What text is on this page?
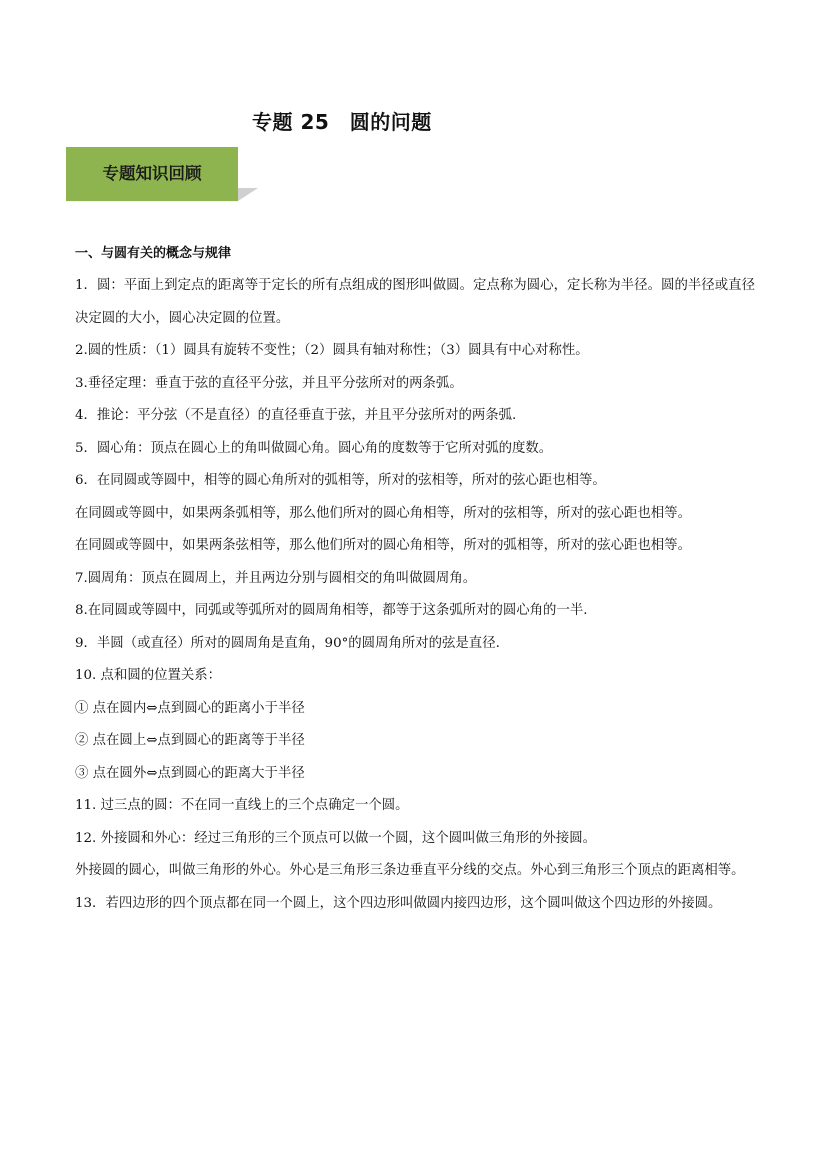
专题 25　圆的问题
专题知识回顾
一、与圆有关的概念与规律

1．圆：平面上到定点的距离等于定长的所有点组成的图形叫做圆。定点称为圆心，定长称为半径。圆的半径或直径决定圆的大小，圆心决定圆的位置。

2.圆的性质：（1）圆具有旋转不变性；（2）圆具有轴对称性；（3）圆具有中心对称性。

3.垂径定理：垂直于弦的直径平分弦，并且平分弦所对的两条弧。

4．推论：平分弦（不是直径）的直径垂直于弦，并且平分弦所对的两条弧.

5．圆心角：顶点在圆心上的角叫做圆心角。圆心角的度数等于它所对弧的度数。

6．在同圆或等圆中，相等的圆心角所对的弧相等，所对的弦相等，所对的弦心距也相等。

在同圆或等圆中，如果两条弧相等，那么他们所对的圆心角相等，所对的弦相等，所对的弦心距也相等。

在同圆或等圆中，如果两条弦相等，那么他们所对的圆心角相等，所对的弧相等，所对的弦心距也相等。

7.圆周角：顶点在圆周上，并且两边分别与圆相交的角叫做圆周角。

8.在同圆或等圆中，同弧或等弧所对的圆周角相等，都等于这条弧所对的圆心角的一半.

9．半圆（或直径）所对的圆周角是直角，90°的圆周角所对的弦是直径.

10. 点和圆的位置关系：

① 点在圆内⇔点到圆心的距离小于半径

② 点在圆上⇔点到圆心的距离等于半径

③ 点在圆外⇔点到圆心的距离大于半径

11. 过三点的圆：不在同一直线上的三个点确定一个圆。

12. 外接圆和外心：经过三角形的三个顶点可以做一个圆，这个圆叫做三角形的外接圆。

外接圆的圆心，叫做三角形的外心。外心是三角形三条边垂直平分线的交点。外心到三角形三个顶点的距离相等。

13．若四边形的四个顶点都在同一个圆上，这个四边形叫做圆内接四边形，这个圆叫做这个四边形的外接圆。
